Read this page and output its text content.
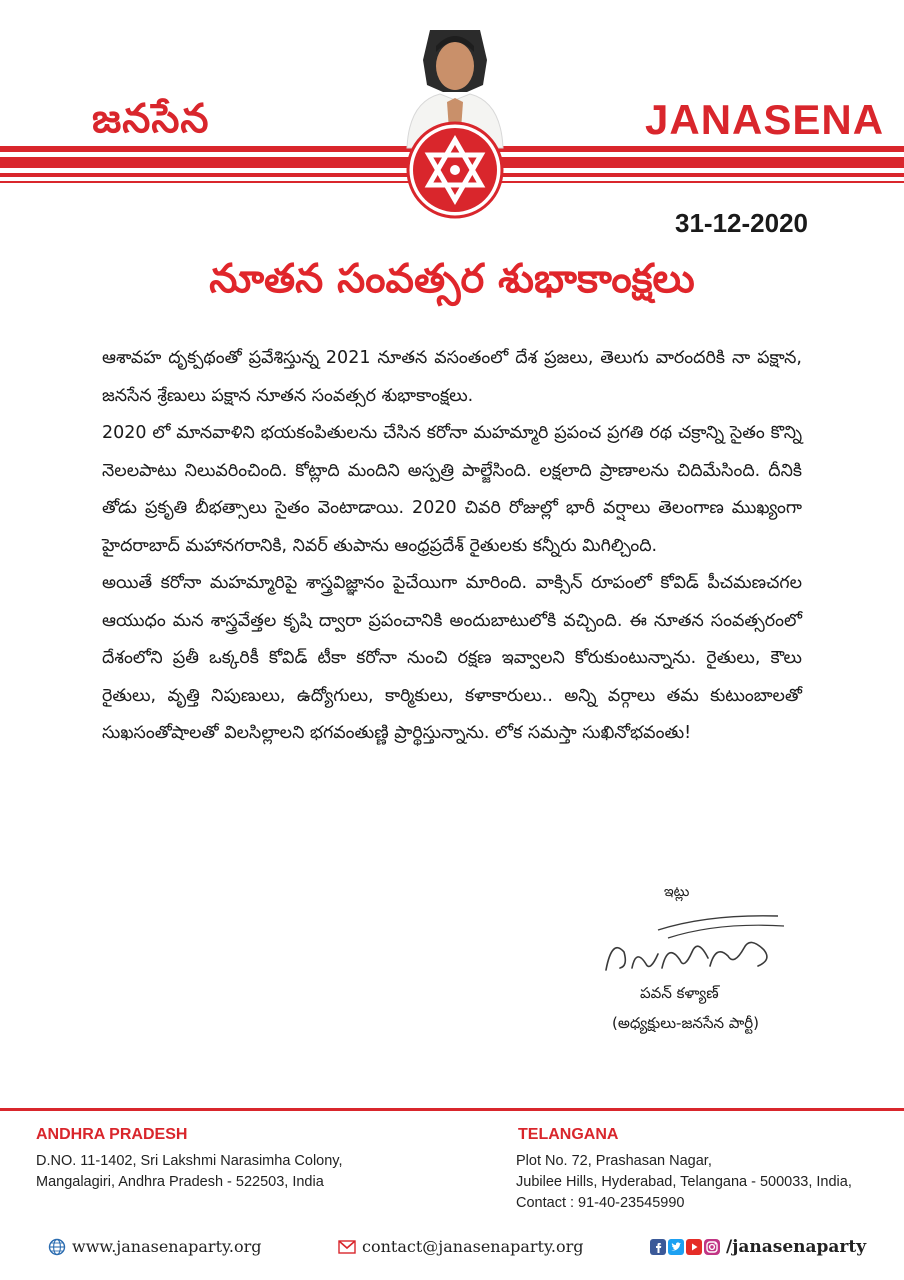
జనసేన	JANASENA
31-12-2020
నూతన సంవత్సర శుభాకాంక్షలు

ఆశావహ దృక్పథంతో ప్రవేశిస్తున్న 2021 నూతన వసంతంలో దేశ ప్రజలు, తెలుగు వారందరికి నా పక్షాన, జనసేన శ్రేణులు పక్షాన నూతన సంవత్సర శుభాకాంక్షలు.

2020 లో మానవాళిని భయకంపితులను చేసిన కరోనా మహమ్మారి ప్రపంచ ప్రగతి రథ చక్రాన్ని సైతం కొన్ని నెలలపాటు నిలువరించింది. కోట్లాది మందిని అస్పత్రి పాల్జేసింది. లక్షలాది ప్రాణాలను చిదిమేసింది. దీనికి తోడు ప్రకృతి బీభత్సాలు సైతం వెంటాడాయి. 2020 చివరి రోజుల్లో భారీ వర్షాలు తెలంగాణ ముఖ్యంగా హైదరాబాద్ మహానగరానికి, నివర్ తుపాను ఆంధ్రప్రదేశ్ రైతులకు కన్నీరు మిగిల్చింది.

అయితే కరోనా మహమ్మారిపై శాస్త్రవిజ్ఞానం పైచేయిగా మారింది. వాక్సిన్ రూపంలో కోవిడ్ పీచమణచగల ఆయుధం మన శాస్త్రవేత్తల కృషి ద్వారా ప్రపంచానికి అందుబాటులోకి వచ్చింది. ఈ నూతన సంవత్సరంలో దేశంలోని ప్రతీ ఒక్కరికీ కోవిడ్ టీకా కరోనా నుంచి రక్షణ ఇవ్వాలని కోరుకుంటున్నాను. రైతులు, కౌలు రైతులు, వృత్తి నిపుణులు, ఉద్యోగులు, కార్మికులు, కళాకారులు.. అన్ని వర్గాలు తమ కుటుంబాలతో సుఖసంతోషాలతో విలసిల్లాలని భగవంతుణ్ణి ప్రార్థిస్తున్నాను. లోక సమస్తా సుఖినోభవంతు!

ఇట్లు
పవన్ కళ్యాణ్
(అధ్యక్షులు-జనసేన పార్టీ)
ANDHRA PRADESH
D.NO. 11-1402, Sri Lakshmi Narasimha Colony,
Mangalagiri, Andhra Pradesh - 522503, India
TELANGANA
Plot No. 72, Prashasan Nagar,
Jubilee Hills, Hyderabad, Telangana - 500033, India,
Contact : 91-40-23545990
www.janasenaparty.org	contact@janasenaparty.org	/janasenaparty
